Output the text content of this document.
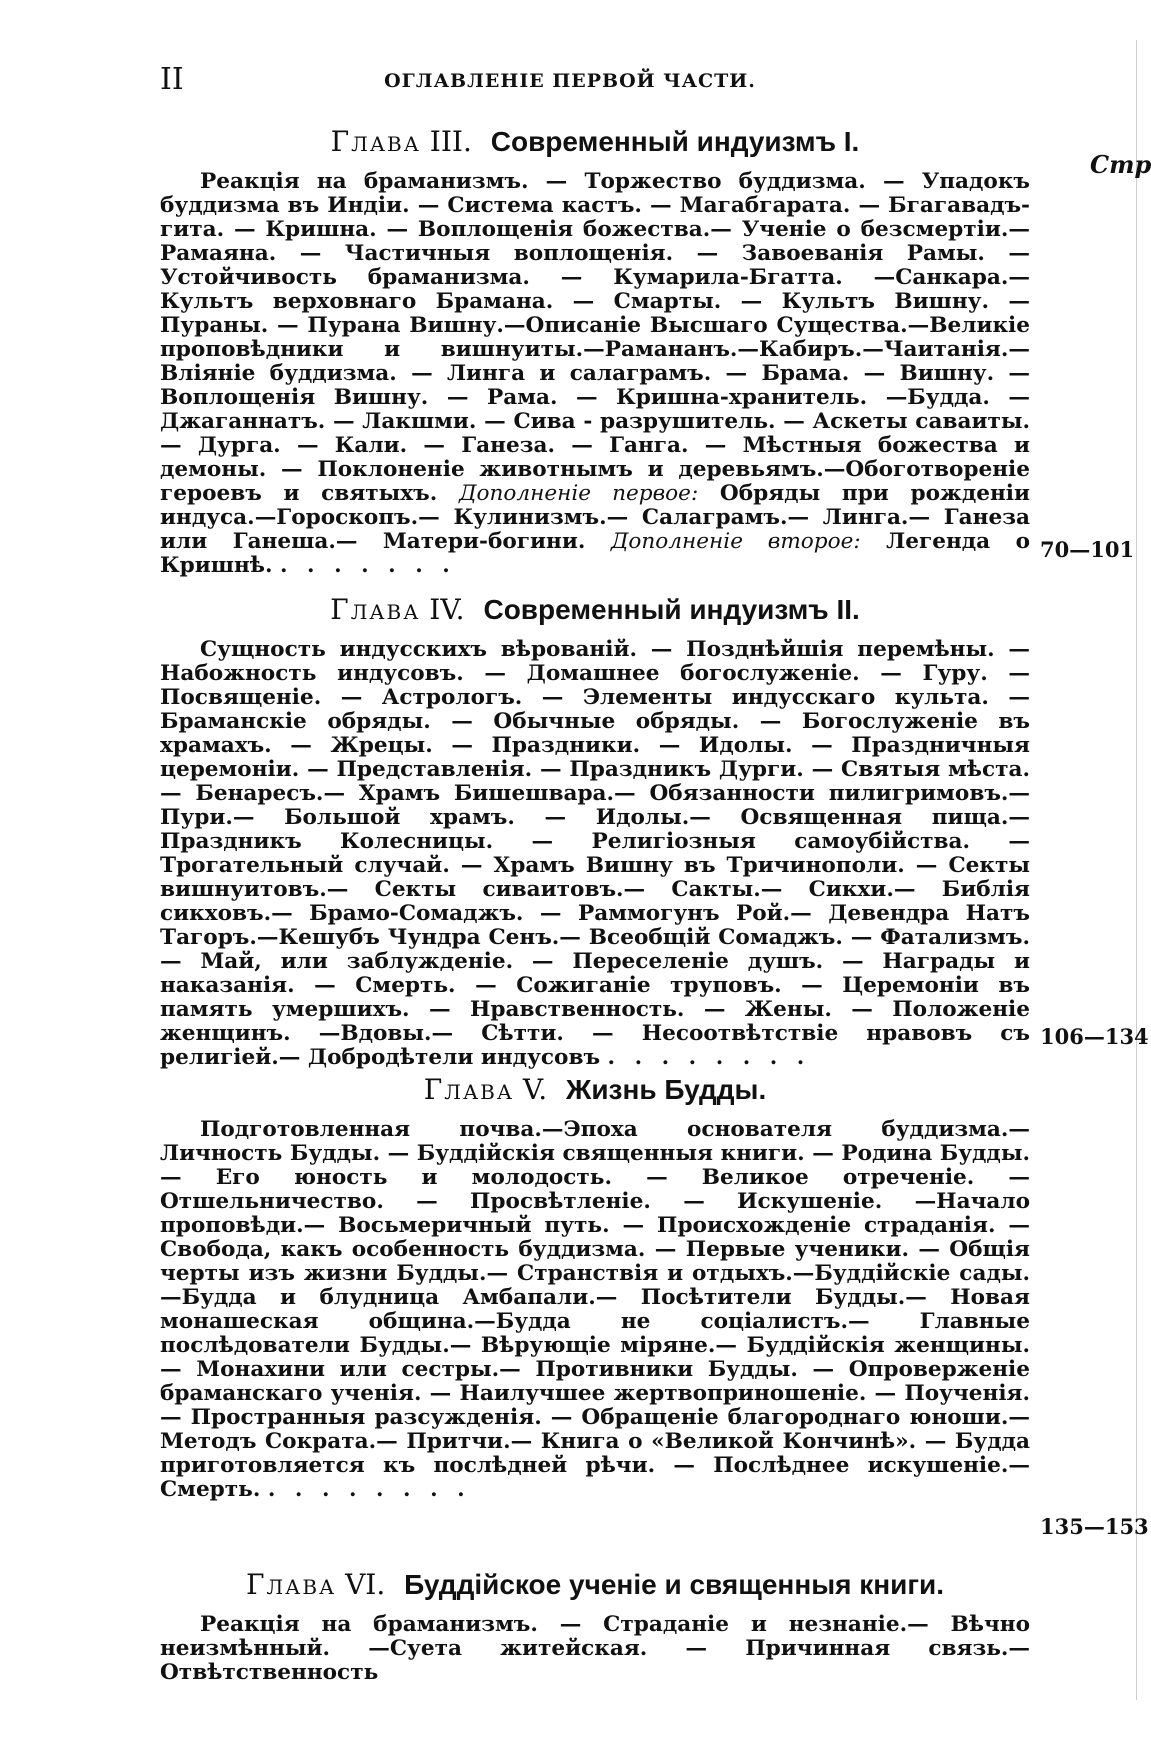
II	ОГЛАВЛЕНІЕ ПЕРВОЙ ЧАСТИ.
Стр
Глава III. Современный индуизмъ I.
Реакція на браманизмъ. — Торжество буддизма. — Упадокъ буддизма въ Индіи. — Система кастъ. — Магабгарата. — Бгагавадъ-гита. — Кришна. — Воплощенія божества.— Ученіе о безсмертіи.— Рамаяна. — Частичныя воплощенія. — Завоеванія Рамы. — Устойчивость браманизма. — Кумарила-Бгатта. —Санкара.— Культъ верховнаго Брамана. — Смарты. — Культъ Вишну. — Пураны. — Пурана Вишну.—Описаніе Высшаго Существа.—Великіе проповѣдники и вишнуиты.—Рамананъ.—Кабиръ.—Чаитанія.— Вліяніе буддизма. — Линга и салаграмъ. — Брама. — Вишну. — Воплощенія Вишну. — Рама. — Кришна-хранитель. —Будда. —Джаганнатъ. — Лакшми. — Сива - разрушитель. — Аскеты саваиты. — Дурга. — Кали. — Ганеза. — Ганга. — Мѣстныя божества и демоны. — Поклоненіе животнымъ и деревьямъ.—Обоготвореніе героевъ и святыхъ. Дополненіе первое: Обряды при рожденіи индуса.—Гороскопъ.— Кулинизмъ.— Салаграмъ.— Линга.— Ганеза или Ганеша.— Матери-богини. Дополненіе второе: Легенда о Кришнѣ. . . . . . . .
70—101
Глава IV. Современный индуизмъ II.
Сущность индусскихъ вѣрованій. — Позднѣйшія перемѣны. — Набожность индусовъ. — Домашнее богослуженіе. — Гуру. — Посвященіе. — Астрологъ. — Элементы индусскаго культа. — Браманскіе обряды. — Обычные обряды. — Богослуженіе въ храмахъ. — Жрецы. — Праздники. — Идолы. — Праздничныя церемоніи. — Представленія. — Праздникъ Дурги. — Святыя мѣста. — Бенаресъ.— Храмъ Бишешвара.— Обязанности пилигримовъ.— Пури.— Большой храмъ. — Идолы.— Освященная пища.— Праздникъ Колесницы. — Религіозныя самоубійства. — Трогательный случай. — Храмъ Вишну въ Тричинополи. — Секты вишнуитовъ.— Секты сиваитовъ.— Сакты.— Сикхи.— Библія сикховъ.— Брамо-Сомаджъ. — Раммогунъ Рой.— Девендра Натъ Тагоръ.—Кешубъ Чундра Сенъ.— Всеобщій Сомаджъ. — Фатализмъ. — Май, или заблужденіе. — Переселеніе душъ. — Награды и наказанія. — Смерть. — Сожиганіе труповъ. — Церемоніи въ память умершихъ. — Нравственность. — Жены. — Положеніе женщинъ. —Вдовы.— Сѣтти. — Несоотвѣтствіе нравовъ съ религіей.— Добродѣтели индусовъ . . . . . . . .
106—134
Глава V. Жизнь Будды.
Подготовленная почва.—Эпоха основателя буддизма.— Личность Будды. — Буддійскія священныя книги. — Родина Будды. — Его юность и молодость. — Великое отреченіе. — Отшельничество. — Просвѣтленіе. — Искушеніе. —Начало проповѣди.— Восьмеричный путь. — Происхожденіе страданія. — Свобода, какъ особенность буддизма. — Первые ученики. — Общія черты изъ жизни Будды.— Странствія и отдыхъ.—Буддійскіе сады.—Будда и блудница Амбапали.— Посѣтители Будды.— Новая монашеская община.—Будда не соціалистъ.— Главные послѣдователи Будды.— Вѣрующіе міряне.— Буддійскія женщины.— Монахини или сестры.— Противники Будды. — Опроверженіе браманскаго ученія. — Наилучшее жертвоприношеніе. — Поученія. — Пространныя разсужденія. — Обращеніе благороднаго юноши.— Методъ Сократа.— Притчи.— Книга о «Великой Кончинѣ». — Будда приготовляется къ послѣдней рѣчи. — Послѣднее искушеніе.— Смерть. . . . . . . . .
135—153
Глава VI. Буддійское ученіе и священныя книги.
Реакція на браманизмъ. — Страданіе и незнаніе.— Вѣчно неизмѣнный. —Суета житейская. — Причинная связь.— Отвѣтственность
